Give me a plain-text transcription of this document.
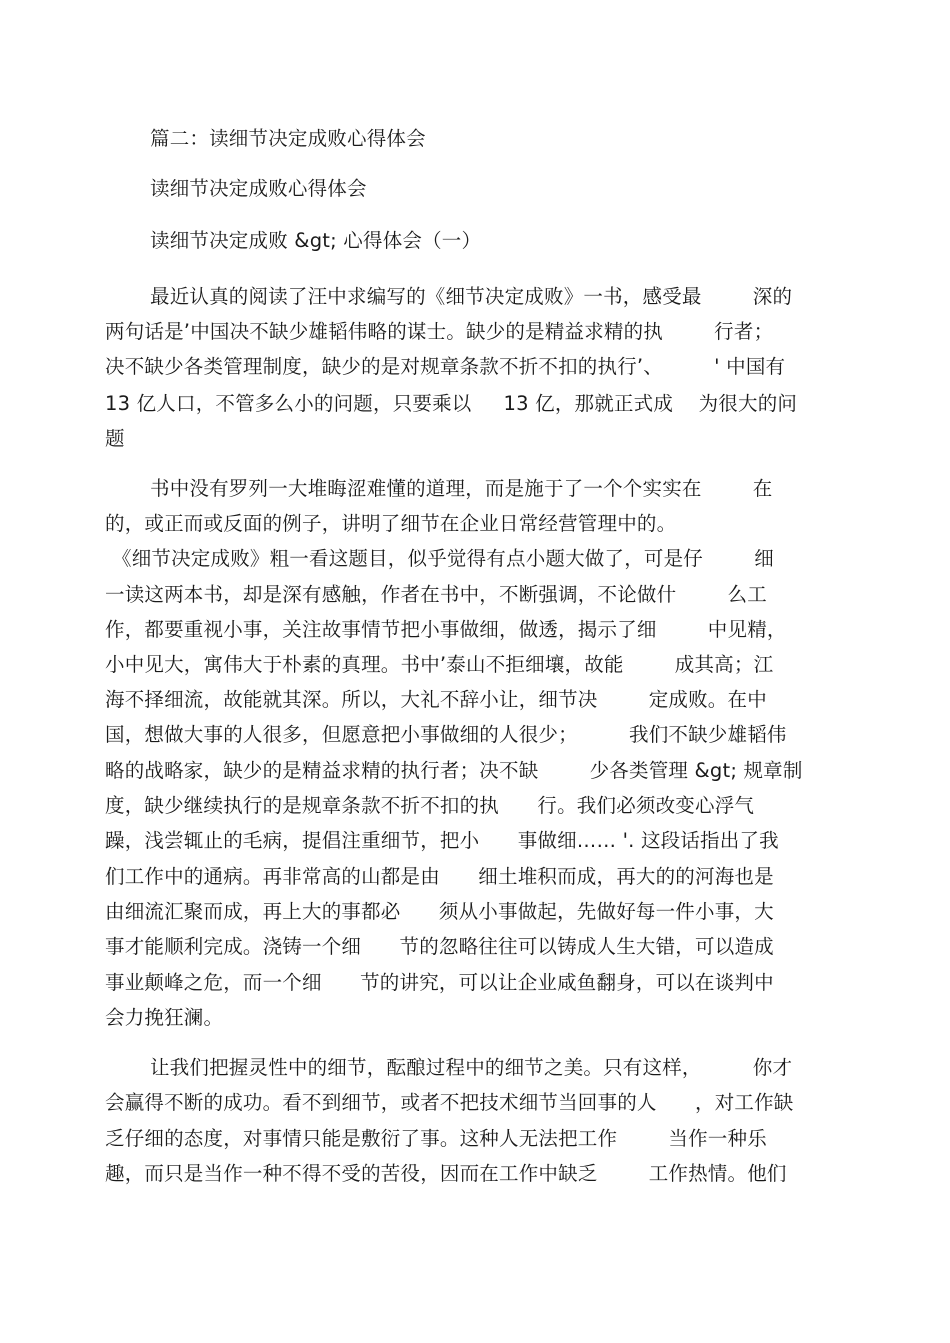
篇二：读细节决定成败心得体会
读细节决定成败心得体会
读细节决定成败 &gt; 心得体会（一）
最近认真的阅读了汪中求编写的《细节决定成败》一书，感受最        深的
两句话是’中国决不缺少雄韬伟略的谋士。缺少的是精益求精的执        行者；
决不缺少各类管理制度，缺少的是对规章条款不折不扣的执行’、        ' 中国有
13 亿人口，不管多么小的问题，只要乘以     13 亿，那就正式成    为很大的问
题
书中没有罗列一大堆晦涩难懂的道理，而是施于了一个个实实在        在
的，或正而或反面的例子，讲明了细节在企业日常经营管理中的。
《细节决定成败》粗一看这题目，似乎觉得有点小题大做了，可是仔        细
一读这两本书，却是深有感触，作者在书中，不断强调，不论做什        么工
作，都要重视小事，关注故事情节把小事做细，做透，揭示了细        中见精，
小中见大，寓伟大于朴素的真理。书中’泰山不拒细壤，故能        成其高；江
海不择细流，故能就其深。所以，大礼不辞小让，细节决        定成败。在中
国，想做大事的人很多，但愿意把小事做细的人很少；        我们不缺少雄韬伟
略的战略家，缺少的是精益求精的执行者；决不缺        少各类管理 &gt; 规章制
度，缺少继续执行的是规章条款不折不扣的执      行。我们必须改变心浮气
躁，浅尝辄止的毛病，提倡注重细节，把小      事做细…… '. 这段话指出了我
们工作中的通病。再非常高的山都是由      细土堆积而成，再大的的河海也是
由细流汇聚而成，再上大的事都必      须从小事做起，先做好每一件小事，大
事才能顺利完成。浇铸一个细      节的忽略往往可以铸成人生大错，可以造成
事业颠峰之危，而一个细      节的讲究，可以让企业咸鱼翻身，可以在谈判中
会力挽狂澜。
让我们把握灵性中的细节，酝酿过程中的细节之美。只有这样，        你才
会赢得不断的成功。看不到细节，或者不把技术细节当回事的人      ，对工作缺
乏仔细的态度，对事情只能是敷衍了事。这种人无法把工作        当作一种乐
趣，而只是当作一种不得不受的苦役，因而在工作中缺乏        工作热情。他们
